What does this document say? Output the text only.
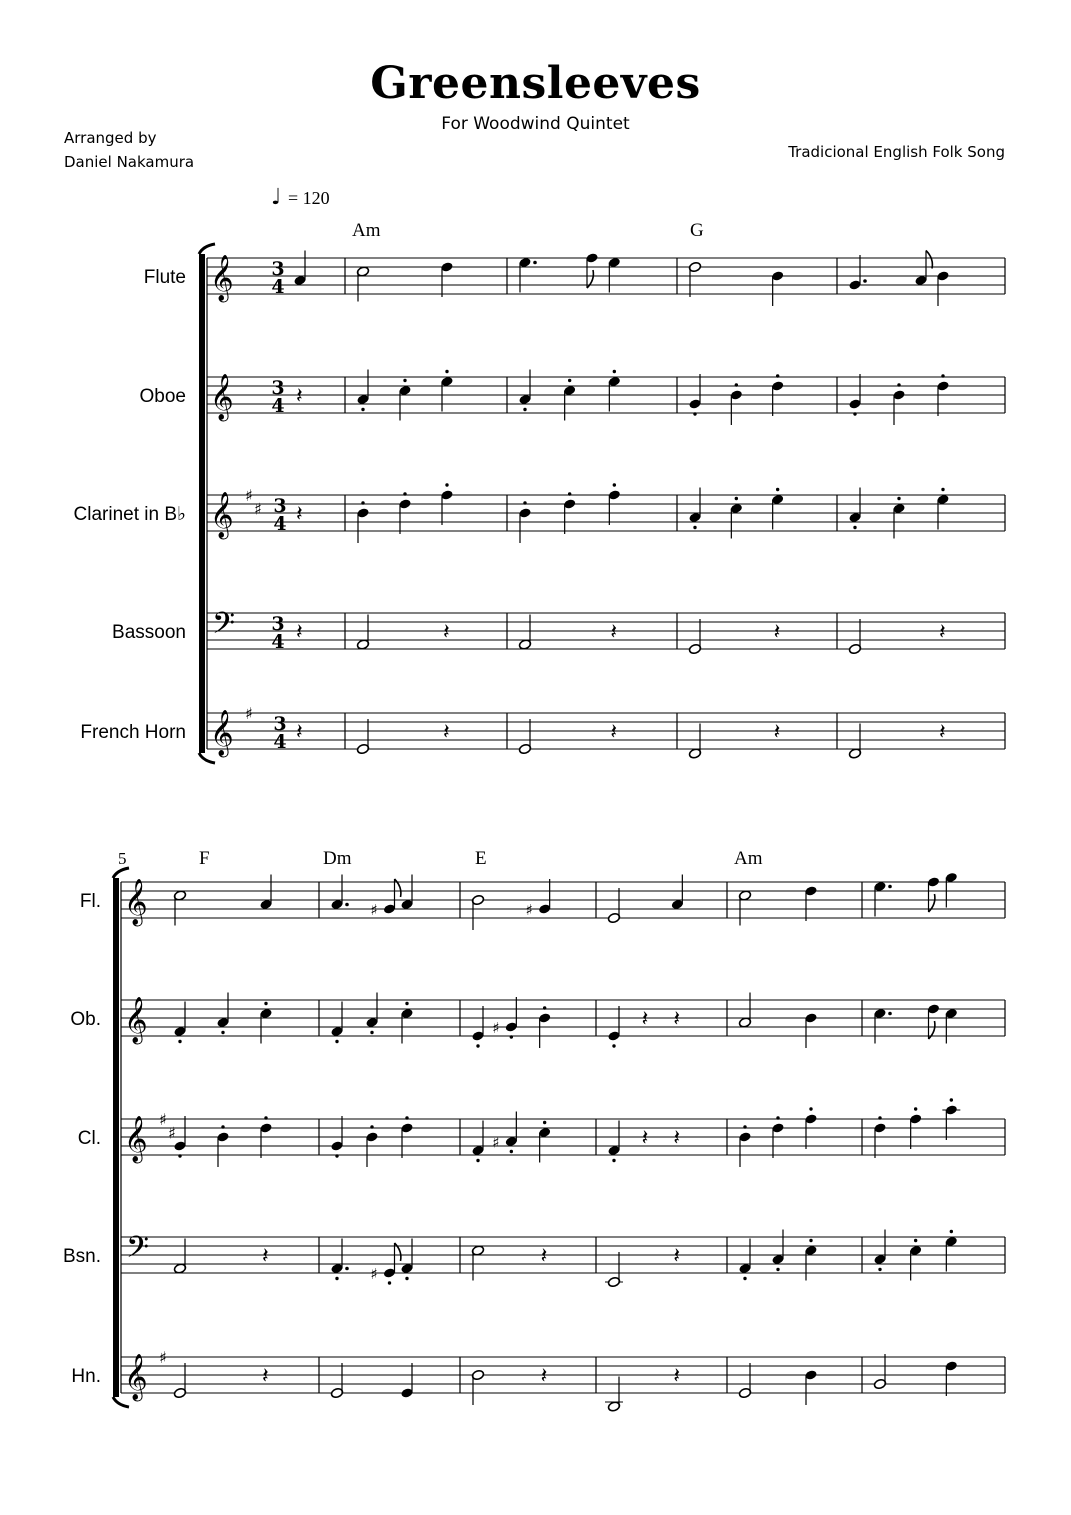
Greensleeves
For Woodwind Quintet
Arranged by
Daniel Nakamura
Tradicional English Folk Song
Flute 𝄞 3
4
Oboe 𝄞 3
4 𝄽
Clarinet in B♭ 𝄞 ♯
♯ 3
4 𝄽
Bassoon 𝄢 3
4 𝄽	𝄽	𝄽	𝄽	𝄽
French Horn 𝄞 ♯ 3
4 𝄽	𝄽	𝄽	𝄽	𝄽
♩ = 120
Am	G
Fl. 𝄞	♯	♯
Ob. 𝄞	♯	𝄽 𝄽
Cl. 𝄞 ♯
♯	♯	𝄽 𝄽
Bsn. 𝄢	𝄽
♯
𝄽	𝄽
Hn. 𝄞 ♯
𝄽	𝄽	𝄽
5	F	Dm	E	Am
